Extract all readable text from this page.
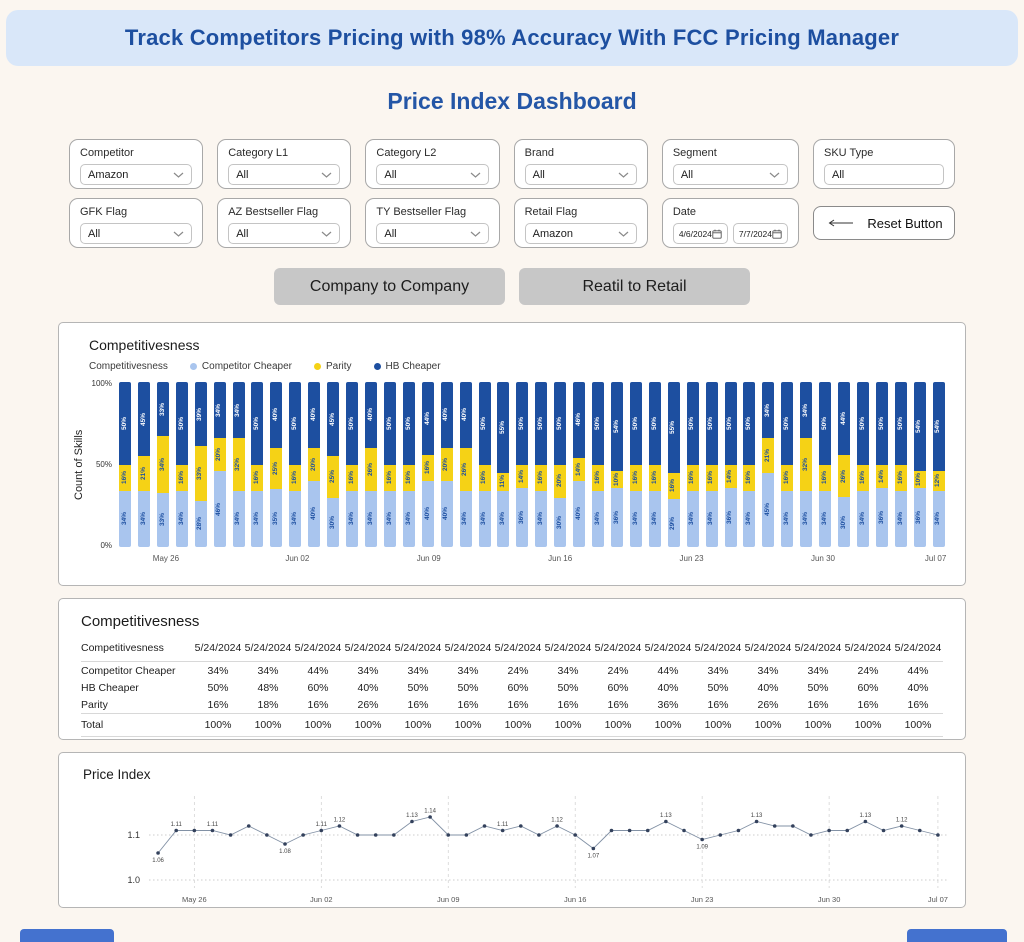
Track Competitors Pricing with 98% Accuracy With FCC Pricing Manager
Price Index Dashboard
Competitor
Amazon
Category L1
All
Category L2
All
Brand
All
Segment
All
SKU Type
All
GFK Flag
All
AZ Bestseller Flag
All
TY Bestseller Flag
All
Retail Flag
Amazon
Date
4/6/2024	7/7/2024
Reset Button
Company to Company	Reatil to Retail
Competitivesness
Competitivesness	Competitor Cheaper	Parity	HB Cheaper
Count of Skills
100%
50%
0%
50%
16%
34%
45%
21%
34%
33%
34%
33%
50%
16%
34%
39%
33%
28%
34%
20%
46%
34%
32%
34%
50%
16%
34%
40%
25%
35%
50%
16%
34%
40%
20%
40%
45%
25%
30%
50%
16%
34%
40%
26%
34%
50%
16%
34%
50%
16%
34%
44%
16%
40%
40%
20%
40%
40%
26%
34%
50%
16%
34%
55%
11%
34%
50%
14%
36%
50%
16%
34%
50%
20%
30%
46%
14%
40%
50%
16%
34%
54%
10%
36%
50%
16%
34%
50%
16%
34%
55%
16%
29%
50%
16%
34%
50%
16%
34%
50%
14%
36%
50%
16%
34%
34%
21%
45%
50%
16%
34%
34%
32%
34%
50%
16%
34%
44%
26%
30%
50%
16%
34%
50%
14%
36%
50%
16%
34%
54%
10%
36%
54%
12%
34%
May 26	Jun 02	Jun 09	Jun 16	Jun 23	Jun 30	Jul 07
Competitivesness
Competitivesness	5/24/2024	5/24/2024	5/24/2024	5/24/2024	5/24/2024	5/24/2024	5/24/2024	5/24/2024	5/24/2024	5/24/2024	5/24/2024	5/24/2024	5/24/2024	5/24/2024	5/24/2024
Competitor Cheaper	34%	34%	44%	34%	34%	34%	24%	34%	24%	44%	34%	34%	34%	24%	44%
HB Cheaper	50%	48%	60%	40%	50%	50%	60%	50%	60%	40%	50%	40%	50%	60%	40%
Parity	16%	18%	16%	26%	16%	16%	16%	16%	16%	36%	16%	26%	16%	16%	16%
Total	100%	100%	100%	100%	100%	100%	100%	100%	100%	100%	100%	100%	100%	100%	100%
Price Index
1.1
1.0
May 26	Jun 02	Jun 09	Jun 16	Jun 23	Jun 30	Jul 07
1.06
1.11	1.11
1.08
1.11
1.12
1.13
1.14
1.11
1.12
1.07
1.13
1.09
1.13	1.13
1.12
